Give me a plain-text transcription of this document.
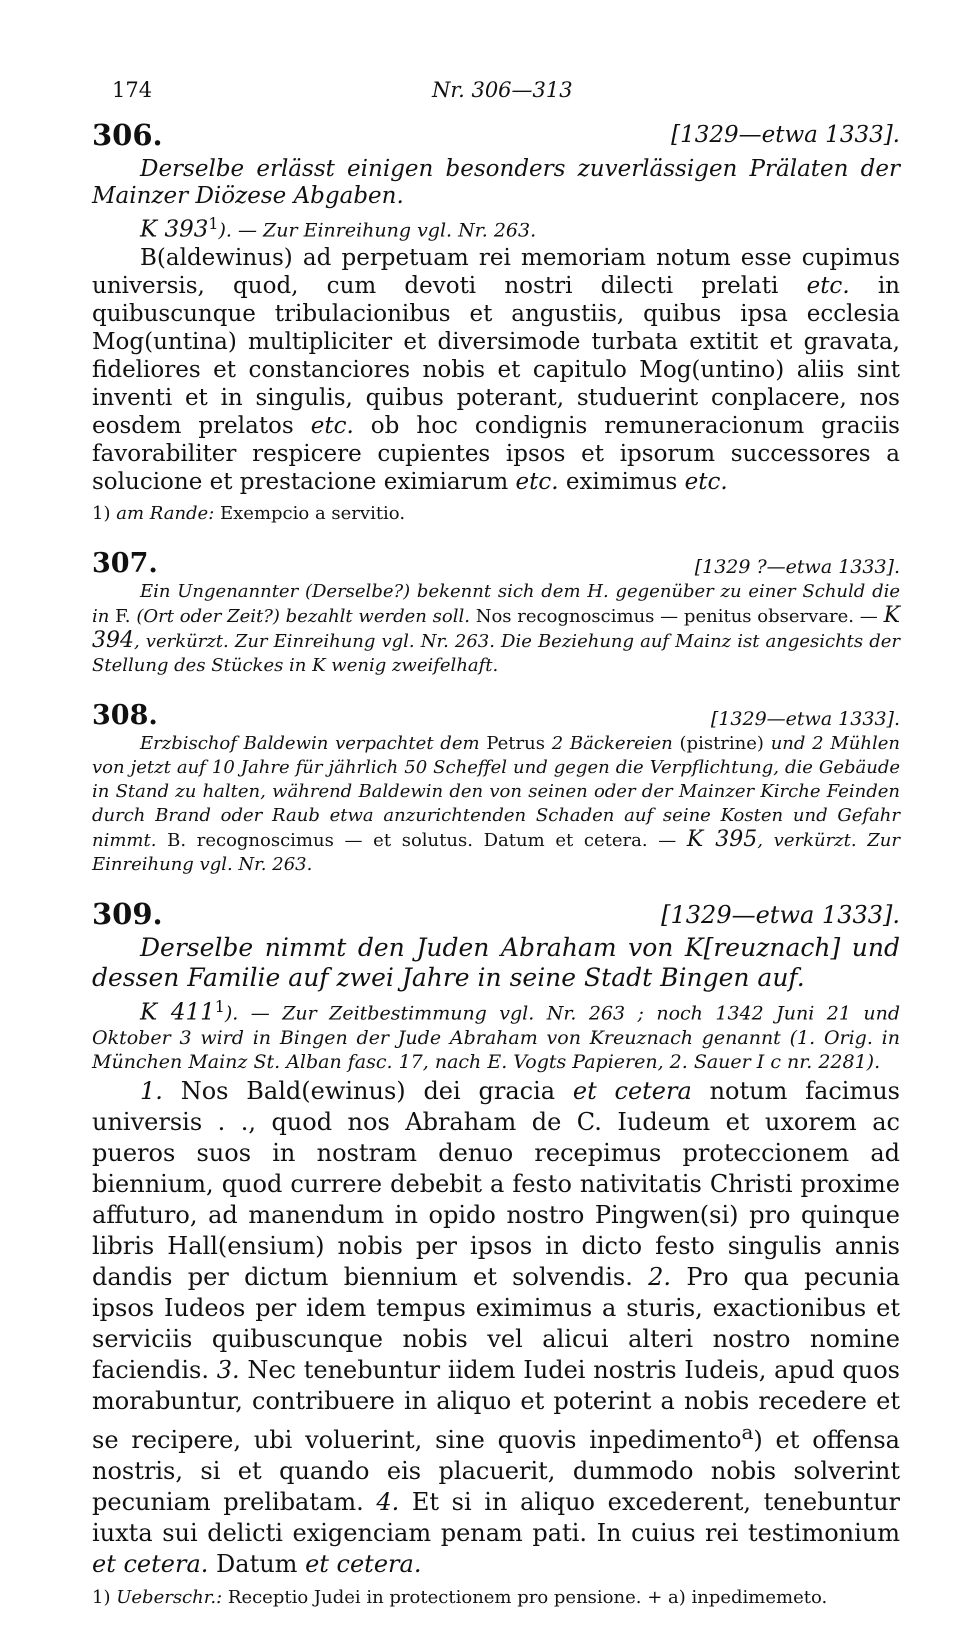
174	Nr. 306—313
306.	[1329—etwa 1333].

Derselbe erlässt einigen besonders zuverlässigen Prälaten der Mainzer Diözese Abgaben.

K $393^1$). — Zur Einreihung vgl. Nr. 263.

B(aldewinus) ad perpetuam rei memoriam notum esse cupimus universis, quod, cum devoti nostri dilecti prelati etc. in quibuscunque tribulacionibus et angustiis, quibus ipsa ecclesia Mog(untina) multipliciter et diversimode turbata extitit et gravata, fideliores et constanciores nobis et capitulo Mog(untino) aliis sint inventi et in singulis, quibus poterant, studuerint conplacere, nos eosdem prelatos etc. ob hoc condignis remuneracionum graciis favorabiliter respicere cupientes ipsos et ipsorum successores a solucione et prestacione eximiarum etc. eximimus etc.

1) am Rande: Exempcio a servitio.

307.	[1329 ?—etwa 1333].

Ein Ungenannter (Derselbe?) bekennt sich dem H. gegenüber zu einer Schuld die in F. (Ort oder Zeit?) bezahlt werden soll. Nos recognoscimus — penitus observare. — K 394, verkürzt. Zur Einreihung vgl. Nr. 263. Die Beziehung auf Mainz ist angesichts der Stellung des Stückes in K wenig zweifelhaft.

308.	[1329—etwa 1333].

Erzbischof Baldewin verpachtet dem Petrus 2 Bäckereien (pistrine) und 2 Mühlen von jetzt auf 10 Jahre für jährlich 50 Scheffel und gegen die Verpflichtung, die Gebäude in Stand zu halten, während Baldewin den von seinen oder der Mainzer Kirche Feinden durch Brand oder Raub etwa anzurichtenden Schaden auf seine Kosten und Gefahr nimmt. B. recognoscimus — et solutus. Datum et cetera. — K 395, verkürzt. Zur Einreihung vgl. Nr. 263.

309.	[1329—etwa 1333].

Derselbe nimmt den Juden Abraham von K[reuznach] und dessen Familie auf zwei Jahre in seine Stadt Bingen auf.

K $411^1$). — Zur Zeitbestimmung vgl. Nr. 263 ; noch 1342 Juni 21 und Oktober 3 wird in Bingen der Jude Abraham von Kreuznach genannt (1. Orig. in München Mainz St. Alban fasc. 17, nach E. Vogts Papieren, 2. Sauer I c nr. 2281).

1. Nos Bald(ewinus) dei gracia et cetera notum facimus universis . ., quod nos Abraham de C. Iudeum et uxorem ac pueros suos in nostram denuo recepimus proteccionem ad biennium, quod currere debebit a festo nativitatis Christi proxime affuturo, ad manendum in opido nostro Pingwen(si) pro quinque libris Hall(ensium) nobis per ipsos in dicto festo singulis annis dandis per dictum biennium et solvendis. 2. Pro qua pecunia ipsos Iudeos per idem tempus eximimus a sturis, exactionibus et serviciis quibuscunque nobis vel alicui alteri nostro nomine faciendis. 3. Nec tenebuntur iidem Iudei nostris Iudeis, apud quos morabuntur, contribuere in aliquo et poterint a nobis recedere et se recipere, ubi voluerint, sine quovis inpedimento$^a$) et offensa nostris, si et quando eis placuerit, dummodo nobis solverint pecuniam prelibatam. 4. Et si in aliquo excederent, tenebuntur iuxta sui delicti exigenciam penam pati. In cuius rei testimonium et cetera. Datum et cetera.

1) Ueberschr.: Receptio Judei in protectionem pro pensione. + a) inpedimemeto.
